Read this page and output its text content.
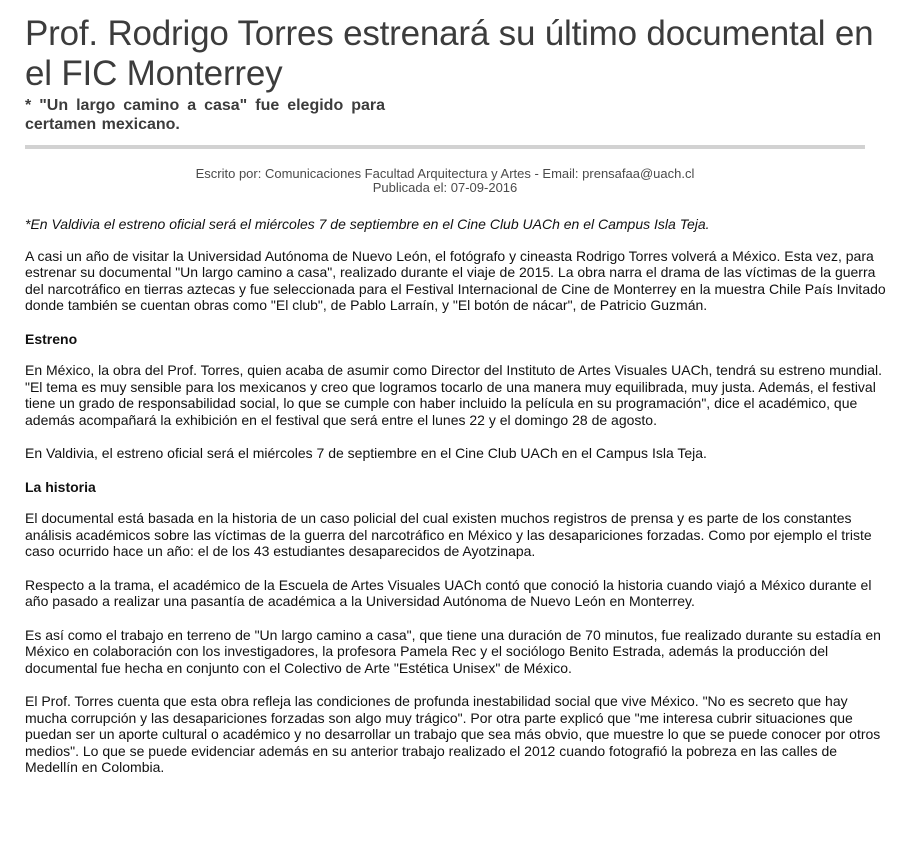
Prof. Rodrigo Torres estrenará su último documental en el FIC Monterrey
* "Un largo camino a casa" fue elegido para certamen mexicano.
Escrito por: Comunicaciones Facultad Arquitectura y Artes - Email: prensafaa@uach.cl
Publicada el: 07-09-2016

*En Valdivia el estreno oficial será el miércoles 7 de septiembre en el Cine Club UACh en el Campus Isla Teja.

A casi un año de visitar la Universidad Autónoma de Nuevo León, el fotógrafo y cineasta Rodrigo Torres volverá a México. Esta vez, para estrenar su documental "Un largo camino a casa", realizado durante el viaje de 2015. La obra narra el drama de las víctimas de la guerra del narcotráfico en tierras aztecas y fue seleccionada para el Festival Internacional de Cine de Monterrey en la muestra Chile País Invitado donde también se cuentan obras como "El club", de Pablo Larraín, y "El botón de nácar", de Patricio Guzmán.

Estreno

En México, la obra del Prof. Torres, quien acaba de asumir como Director del Instituto de Artes Visuales UACh, tendrá su estreno mundial. "El tema es muy sensible para los mexicanos y creo que logramos tocarlo de una manera muy equilibrada, muy justa. Además, el festival tiene un grado de responsabilidad social, lo que se cumple con haber incluido la película en su programación", dice el académico, que además acompañará la exhibición en el festival que será entre el lunes 22 y el domingo 28 de agosto.

En Valdivia, el estreno oficial será el miércoles 7 de septiembre en el Cine Club UACh en el Campus Isla Teja.

La historia

El documental está basada en la historia de un caso policial del cual existen muchos registros de prensa y es parte de los constantes análisis académicos sobre las víctimas de la guerra del narcotráfico en México y las desapariciones forzadas. Como por ejemplo el triste caso ocurrido hace un año: el de los 43 estudiantes desaparecidos de Ayotzinapa.

Respecto a la trama, el académico de la Escuela de Artes Visuales UACh contó que conoció la historia cuando viajó a México durante el año pasado a realizar una pasantía de académica a la Universidad Autónoma de Nuevo León en Monterrey.

Es así como el trabajo en terreno de "Un largo camino a casa", que tiene una duración de 70 minutos, fue realizado durante su estadía en México en colaboración con los investigadores, la profesora Pamela Rec y el sociólogo Benito Estrada, además la producción del documental fue hecha en conjunto con el Colectivo de Arte "Estética Unisex" de México.

El Prof. Torres cuenta que esta obra refleja las condiciones de profunda inestabilidad social que vive México. "No es secreto que hay mucha corrupción y las desapariciones forzadas son algo muy trágico". Por otra parte explicó que "me interesa cubrir situaciones que puedan ser un aporte cultural o académico y no desarrollar un trabajo que sea más obvio, que muestre lo que se puede conocer por otros medios". Lo que se puede evidenciar además en su anterior trabajo realizado el 2012 cuando fotografió la pobreza en las calles de Medellín en Colombia.
